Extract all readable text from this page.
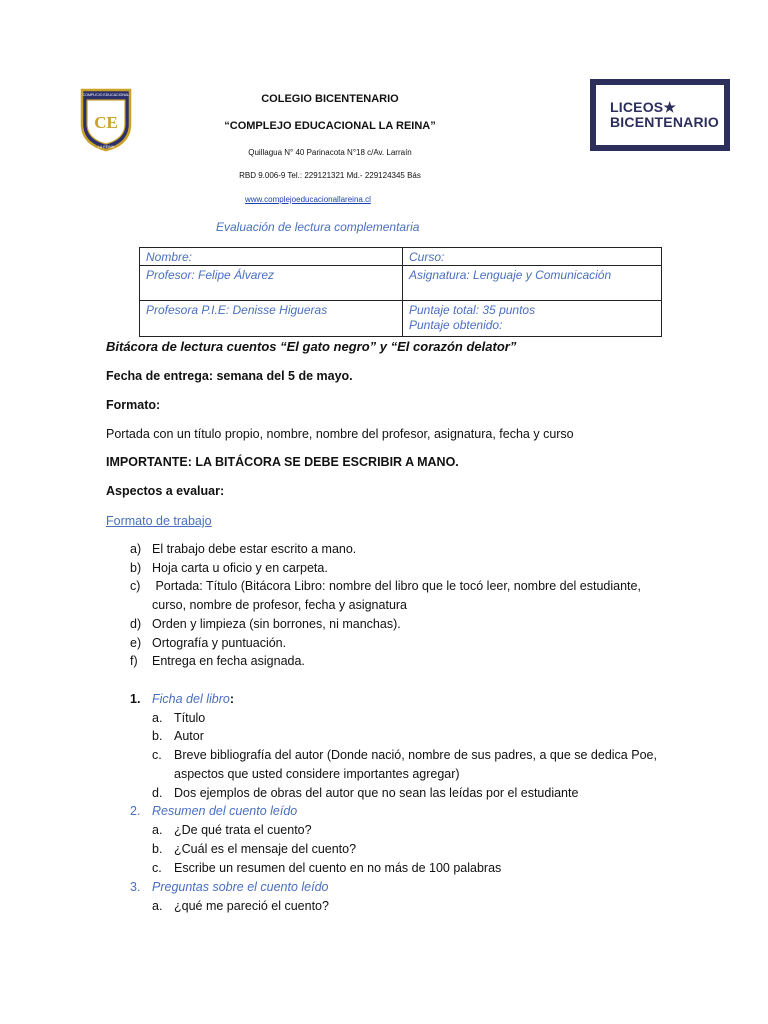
COMPLEJO EDUCACIONAL
CE
LA REINA
COLEGIO BICENTENARIO
“COMPLEJO EDUCACIONAL LA REINA”
Quillagua N° 40 Parinacota N°18 c/Av. Larraín
RBD 9.006-9 Tel.: 229121321 Md.- 229124345 Bás
www.complejoeducacionallareina.cl
LICEOS★
BICENTENARIO
Evaluación de lectura complementaria
Nombre:	Curso:
Profesor: Felipe Álvarez	Asignatura: Lenguaje y Comunicación
Profesora P.I.E: Denisse Higueras	Puntaje total: 35 puntos
Puntaje obtenido:
Bitácora de lectura cuentos “El gato negro” y “El corazón delator”
Fecha de entrega: semana del 5 de mayo.
Formato:
Portada con un título propio, nombre, nombre del profesor, asignatura, fecha y curso
IMPORTANTE: LA BITÁCORA SE DEBE ESCRIBIR A MANO.
Aspectos a evaluar:
Formato de trabajo
a) El trabajo debe estar escrito a mano.
b) Hoja carta u oficio y en carpeta.
c) Portada: Título (Bitácora Libro: nombre del libro que le tocó leer, nombre del estudiante,
curso, nombre de profesor, fecha y asignatura
d) Orden y limpieza (sin borrones, ni manchas).
e) Ortografía y puntuación.
f) Entrega en fecha asignada.
1. Ficha del libro:
a. Título
b. Autor
c. Breve bibliografía del autor (Donde nació, nombre de sus padres, a que se dedica Poe,
aspectos que usted considere importantes agregar)
d. Dos ejemplos de obras del autor que no sean las leídas por el estudiante
2. Resumen del cuento leído
a. ¿De qué trata el cuento?
b. ¿Cuál es el mensaje del cuento?
c. Escribe un resumen del cuento en no más de 100 palabras
3. Preguntas sobre el cuento leído
a. ¿qué me pareció el cuento?
